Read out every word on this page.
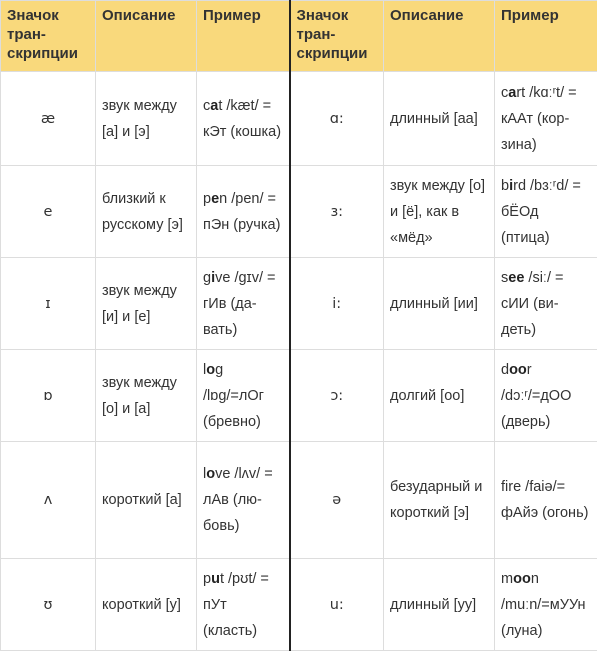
Значок тран-скрипции	Описание	Пример	Значок тран-скрипции	Описание	Пример
æ	звук между [а] и [э]	cat /kæt/ = кЭт (кошка)	ɑ:	длинный [аа]	cart /kɑːʳt/ = кААт (кор-зина)
e	близкий к русскому [э]	pen /pen/ = пЭн (ручка)	ɜ:	звук между [о] и [ё], как в «мёд»	bird /bɜːʳd/ = бЁОд (птица)
ɪ	звук между [и] и [е]	give /gɪv/ = гИв (да-вать)	i:	длинный [ии]	see /siː/ = сИИ (ви-деть)
ɒ	звук между [о] и [а]	log /lɒg/=лОг (бревно)	ɔ:	долгий [оо]	door /dɔːʳ/=дОО (дверь)
ʌ	короткий [а]	love /lʌv/ = лАв (лю-бовь)	ə	безударный и короткий [э]	fire /faiə/= фАйэ (огонь)
ʊ	короткий [у]	put /pʊt/ = пУт (класть)	u:	длинный [уу]	moon /muːn/=мУУн (луна)
